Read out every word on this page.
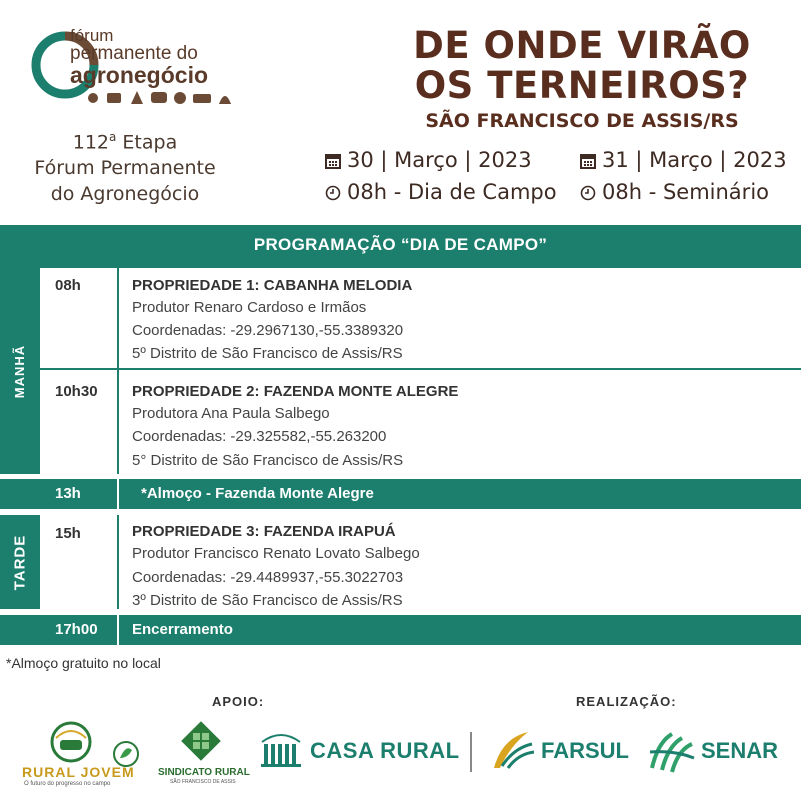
fórum
permanente do
agronegócio
112$^a$ Etapa
Fórum Permanente
do Agronegócio
DE ONDE VIRÃO
OS TERNEIROS?
SÃO FRANCISCO DE ASSIS/RS
30 | Março | 2023
08h - Dia de Campo
31 | Março | 2023
08h - Seminário
PROGRAMAÇÃO “DIA DE CAMPO”
MANHÃ
08h	PROPRIEDADE 1: CABANHA MELODIA
Produtor Renaro Cardoso e Irmãos
Coordenadas: -29.2967130,-55.3389320
5º Distrito de São Francisco de Assis/RS
10h30 PROPRIEDADE 2: FAZENDA MONTE ALEGRE
Produtora Ana Paula Salbego
Coordenadas: -29.325582,-55.263200
5° Distrito de São Francisco de Assis/RS
13h	*Almoço - Fazenda Monte Alegre
TARDE
15h	PROPRIEDADE 3: FAZENDA IRAPUÁ
Produtor Francisco Renato Lovato Salbego
Coordenadas: -29.4489937,-55.3022703
3º Distrito de São Francisco de Assis/RS
17h00 Encerramento
*Almoço gratuito no local
APOIO:	REALIZAÇÃO:
RURAL JOVEM
O futuro do progresso no campo
SINDICATO RURAL
SÃO FRANCISCO DE ASSIS
CASA RURAL	FARSUL	SENAR
